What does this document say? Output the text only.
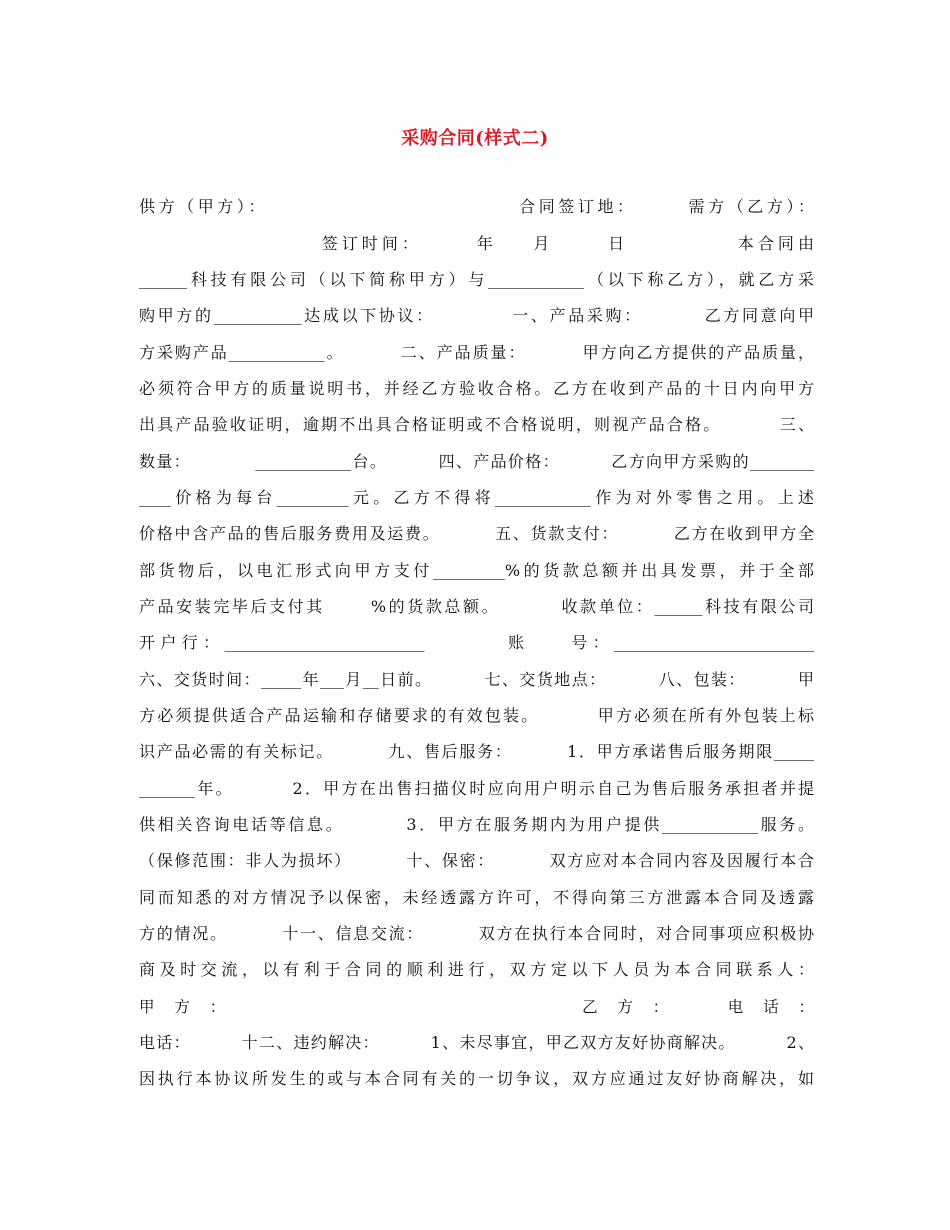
采购合同(样式二)
供方（甲方）：                             合同签订地：      需方（乙方）：
签订时间：      年    月      日            本合同由
______科技有限公司（以下简称甲方）与____________（以下称乙方），就乙方采
购甲方的___________达成以下协议：          一、产品采购：        乙方同意向甲
方采购产品____________。        二、产品质量：        甲方向乙方提供的产品质量，
必须符合甲方的质量说明书，并经乙方验收合格。乙方在收到产品的十日内向甲方
出具产品验收证明，逾期不出具合格证明或不合格说明，则视产品合格。        三、
数量：          ____________台。        四、产品价格：        乙方向甲方采购的________
____价格为每台_________元。乙方不得将____________作为对外零售之用。上述
价格中含产品的售后服务费用及运费。        五、货款支付：        乙方在收到甲方全
部货物后，以电汇形式向甲方支付_________%的货款总额并出具发票，并于全部
产品安装完毕后支付其      %的货款总额。        收款单位：______科技有限公司
开户行：_________________________        账    号：_________________________
六、交货时间：_____年___月__日前。        七、交货地点：        八、包装：        甲
方必须提供适合产品运输和存储要求的有效包装。        甲方必须在所有外包装上标
识产品必需的有关标记。        九、售后服务：        1．甲方承诺售后服务期限_____
_______年。        2．甲方在出售扫描仪时应向用户明示自己为售后服务承担者并提
供相关咨询电话等信息。        3．甲方在服务期内为用户提供____________服务。
（保修范围：非人为损坏）        十、保密：        双方应对本合同内容及因履行本合
同而知悉的对方情况予以保密，未经透露方许可，不得向第三方泄露本合同及透露
方的情况。        十一、信息交流：        双方在执行本合同时，对合同事项应积极协
商及时交流，以有利于合同的顺利进行，双方定以下人员为本合同联系人：
甲    方    ：                                                                        乙    方    ：            电    话    ：
电话：        十二、违约解决：        1、未尽事宜，甲乙双方友好协商解决。        2、
因执行本协议所发生的或与本合同有关的一切争议，双方应通过友好协商解决，如
